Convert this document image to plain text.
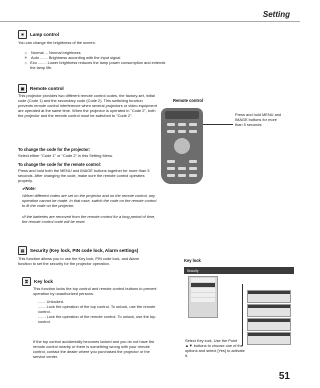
Setting
☀	Lamp control
You can change the brightness of the screen.
☼ Normal ... Normal brightness
☀ Auto ....... Brightness according with the input signal
☼ Eco ........ Lower brightness reduces the lamp power consumption and extends the lamp life.
▣	Remote control
This projector provides two different remote control codes, the factory-set, initial code (Code 1) and the secondary code (Code 2). This switching function prevents remote control interference when several projectors or video equipment are operated at the same time. When the projector is operated in "Code 2", both the projector and the remote control must be switched to "Code 2".
To change the code for the projector:
Select either "Code 1" or "Code 2" in this Setting Menu.
To change the code for the remote control:
Press and hold both the MENU and IMAGE buttons together for more than 5 seconds. After changing the code, make sure the remote control operates properly.
✔Note:
•When different codes are set on the projector and on the remote control, any operation cannot be made. In that case, switch the code on the remote control to fit the code on the projector.
•If the batteries are removed from the remote control for a long period of time, the remote control code will be reset.
Remote control
Press and hold MENU and IMAGE buttons for more than 5 seconds.
▤	Security (Key lock, PIN code lock, Alarm settings)
This function allows you to use the Key lock, PIN code lock, and Alarm function to set the security for the projector operation.
⚿	Key lock
This function locks the top control and remote control buttons to prevent operation by unauthorized persons.

....... Unlocked.

....... Lock the operation of the top control. To unlock, use the remote control.

....... Lock the operation of the remote control. To unlock, use the top control.

If the top control accidentally becomes locked and you do not have the remote control nearby or there is something wrong with your remote control, contact the dealer where you purchased the projector or the service center.
Key lock
Security
Select Key lock. Use the Point ▲▼ buttons to choose one of the options and select [Yes] to activate it.
51
